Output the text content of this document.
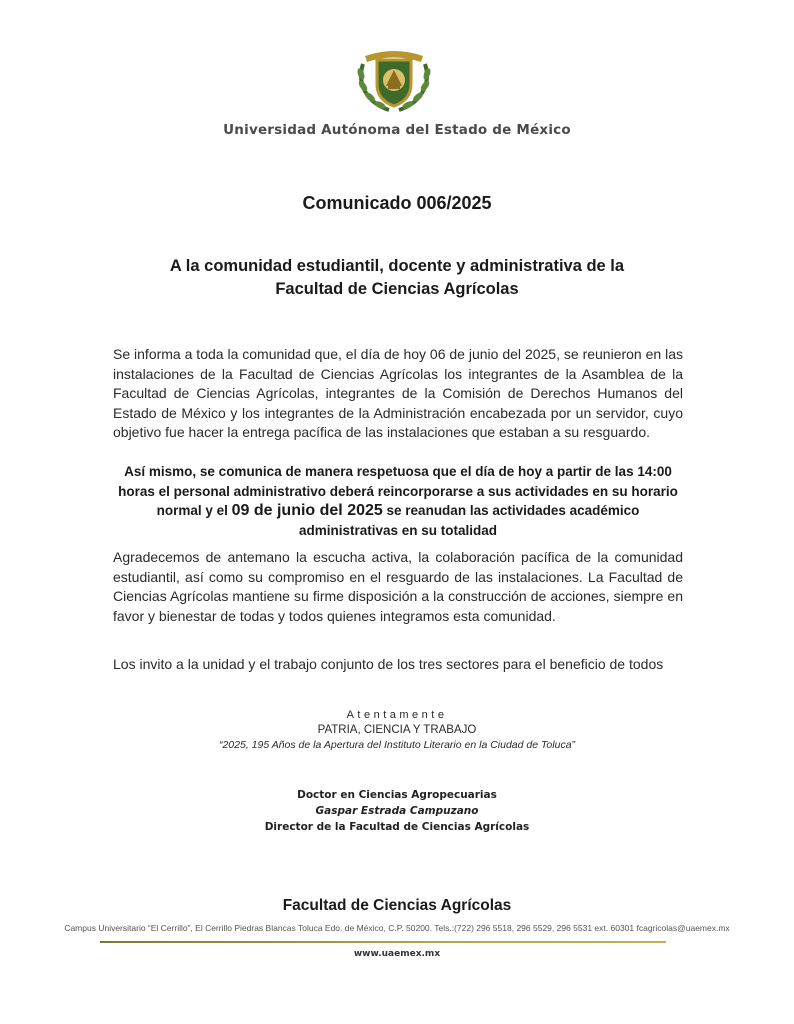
Universidad Autónoma del Estado de México
Comunicado 006/2025
A la comunidad estudiantil, docente y administrativa de la
Facultad de Ciencias Agrícolas
Se informa a toda la comunidad que, el día de hoy 06 de junio del 2025, se reunieron en las instalaciones de la Facultad de Ciencias Agrícolas los integrantes de la Asamblea de la Facultad de Ciencias Agrícolas, integrantes de la Comisión de Derechos Humanos del Estado de México y los integrantes de la Administración encabezada por un servidor, cuyo objetivo fue hacer la entrega pacífica de las instalaciones que estaban a su resguardo.
Así mismo, se comunica de manera respetuosa que el día de hoy a partir de las 14:00 horas el personal administrativo deberá reincorporarse a sus actividades en su horario normal y el 09 de junio del 2025 se reanudan las actividades académico administrativas en su totalidad
Agradecemos de antemano la escucha activa, la colaboración pacífica de la comunidad estudiantil, así como su compromiso en el resguardo de las instalaciones. La Facultad de Ciencias Agrícolas mantiene su firme disposición a la construcción de acciones, siempre en favor y bienestar de todas y todos quienes integramos esta comunidad.
Los invito a la unidad y el trabajo conjunto de los tres sectores para el beneficio de todos
Atentamente
PATRIA, CIENCIA Y TRABAJO
“2025, 195 Años de la Apertura del Instituto Literario en la Ciudad de Toluca”
Doctor en Ciencias Agropecuarias
Gaspar Estrada Campuzano
Director de la Facultad de Ciencias Agrícolas
Facultad de Ciencias Agrícolas
Campus Universitario “El Cerrillo”, El Cerrillo Piedras Blancas Toluca Edo. de México, C.P. 50200. Tels.:(722) 296 5518, 296 5529, 296 5531 ext. 60301 fcagricolas@uaemex.mx
www.uaemex.mx
